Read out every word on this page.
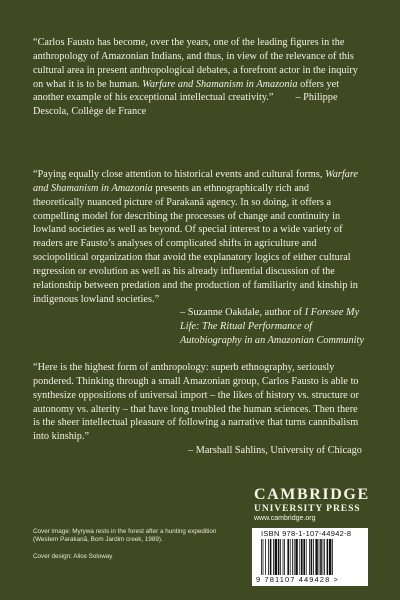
“Carlos Fausto has become, over the years, one of the leading figures in the anthropology of Amazonian Indians, and thus, in view of the relevance of this cultural area in present anthropological debates, a forefront actor in the inquiry on what it is to be human. Warfare and Shamanism in Amazonia offers yet another example of his exceptional intellectual creativity.” – Philippe Descola, Collège de France

“Paying equally close attention to historical events and cultural forms, Warfare and Shamanism in Amazonia presents an ethnographically rich and theoretically nuanced picture of Parakanã agency. In so doing, it offers a compelling model for describing the processes of change and continuity in lowland societies as well as beyond. Of special interest to a wide variety of readers are Fausto’s analyses of complicated shifts in agriculture and sociopolitical organization that avoid the explanatory logics of either cultural regression or evolution as well as his already influential discussion of the relationship between predation and the production of familiarity and kinship in indigenous lowland societies.”

– Suzanne Oakdale, author of I Foresee My Life: The Ritual Performance of Autobiography in an Amazonian Community

“Here is the highest form of anthropology: superb ethnography, seriously pondered. Thinking through a small Amazonian group, Carlos Fausto is able to synthesize oppositions of universal import – the likes of history vs. structure or autonomy vs. alterity – that have long troubled the human sciences. Then there is the sheer intellectual pleasure of following a narrative that turns cannibalism into kinship.”

– Marshall Sahlins, University of Chicago
CAMBRIDGE
UNIVERSITY PRESS
www.cambridge.org
ISBN 978-1-107-44942-8
9 781107 449428 >

Cover image: Myrywa rests in the forest after a hunting expedition (Western Parakanã, Bom Jardim creek, 1989).

Cover design: Alice Soloway
